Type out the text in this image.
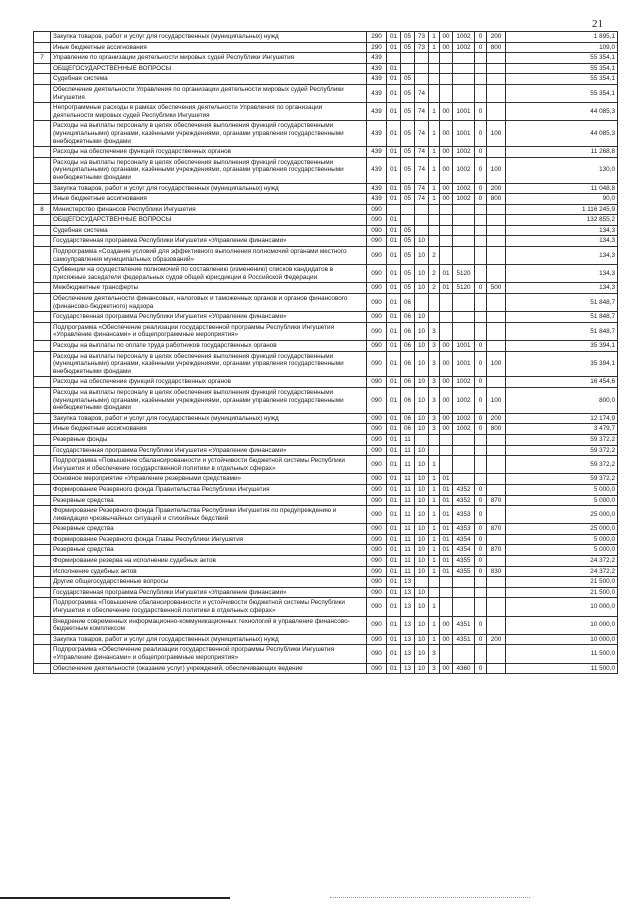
21
	Закупка товаров, работ и услуг для государственных (муниципальных) нужд	290	01	05	73	1	00	1002	0	200	1 895,1
	Иные бюджетные ассигнования	290	01	05	73	1	00	1002	0	800	109,0
7	Управление по организации деятельности мировых судей Республики Ингушетия	439									55 354,1
	ОБЩЕГОСУДАРСТВЕННЫЕ ВОПРОСЫ	439	01								55 354,1
	Судебная система	439	01	05							55 354,1
	Обеспечение деятельности Управления по организации деятельности мировых судей Республики Ингушетия	439	01	05	74						55 354,1
	Непрограммные расходы в рамках обеспечения деятельности Управления по организации деятельности мировых судей Республики Ингушетия	439	01	05	74	1	00	1001	0		44 085,3
	Расходы на выплаты персоналу в целях обеспечения выполнения функций государственными (муниципальными) органами, казёнными учреждениями, органами управления государственными внебюджетными фондами	439	01	05	74	1	00	1001	0	100	44 085,3
	Расходы на обеспечение функций государственных органов	439	01	05	74	1	00	1002	0		11 268,8
	Расходы на выплаты персоналу в целях обеспечения выполнения функций государственными (муниципальными) органами, казёнными учреждениями, органами управления государственными внебюджетными фондами	439	01	05	74	1	00	1002	0	100	130,0
	Закупка товаров, работ и услуг для государственных (муниципальных) нужд	439	01	05	74	1	00	1002	0	200	11 048,8
	Иные бюджетные ассигнования	439	01	05	74	1	00	1002	0	800	90,0
8	Министерство финансов Республики Ингушетия	090									1 116 245,9
	ОБЩЕГОСУДАРСТВЕННЫЕ ВОПРОСЫ	090	01								132 855,2
	Судебная система	090	01	05							134,3
	Государственная программа Республики Ингушетия «Управление финансами»	090	01	05	10						134,3
	Подпрограмма «Создание условий для эффективного выполнения полномочий органами местного самоуправления муниципальных образований»	090	01	05	10	2					134,3
	Субвенции на осуществление полномочий по составлению (изменению) списков кандидатов в присяжные заседатели федеральных судов общей юрисдикции в Российской Федерации	090	01	05	10	2	01	5120			134,3
	Межбюджетные трансферты	090	01	05	10	2	01	5120	0	500	134,3
	Обеспечение деятельности финансовых, налоговых и таможенных органов и органов финансового (финансово-бюджетного) надзора	090	01	06							51 848,7
	Государственная программа Республики Ингушетия «Управление финансами»	090	01	06	10						51 848,7
	Подпрограмма «Обеспечение реализации государственной программы Республики Ингушетия «Управление финансами» и общепрограммные мероприятия»	090	01	06	10	3					51 848,7
	Расходы на выплаты по оплате труда работников государственных органов	090	01	06	10	3	00	1001	0		35 394,1
	Расходы на выплаты персоналу в целях обеспечения выполнения функций государственными (муниципальными) органами, казёнными учреждениями, органами управления государственными внебюджетными фондами	090	01	06	10	3	00	1001	0	100	35 394,1
	Расходы на обеспечение функций государственных органов	090	01	06	10	3	00	1002	0		16 454,6
	Расходы на выплаты персоналу в целях обеспечения выполнения функций государственными (муниципальными) органами, казёнными учреждениями, органами управления государственными внебюджетными фондами	090	01	06	10	3	00	1002	0	100	800,0
	Закупка товаров, работ и услуг для государственных (муниципальных) нужд	090	01	06	10	3	00	1002	0	200	12 174,9
	Иные бюджетные ассигнования	090	01	06	10	3	00	1002	0	800	3 479,7
	Резервные фонды	090	01	11							59 372,2
	Государственная программа Республики Ингушетия «Управление финансами»	090	01	11	10						59 372,2
	Подпрограмма «Повышение сбалансированности и устойчивости бюджетной системы Республики Ингушетия и обеспечение государственной политики в отдельных сферах»	090	01	11	10	1					59 372,2
	Основное мероприятие «Управление резервными средствами»	090	01	11	10	1	01				59 372,2
	Формирование Резервного фонда Правительства Республики Ингушетия	090	01	11	10	1	01	4352	0		5 000,0
	Резервные средства	090	01	11	10	1	01	4352	0	870	5 000,0
	Формирование Резервного фонда Правительства Республики Ингушетия по предупреждению и ликвидации чрезвычайных ситуаций и стихийных бедствий	090	01	11	10	1	01	4353	0		25 000,0
	Резервные средства	090	01	11	10	1	01	4353	0	870	25 000,0
	Формирование Резервного фонда Главы Республики Ингушетия	090	01	11	10	1	01	4354	0		5 000,0
	Резервные средства	090	01	11	10	1	01	4354	0	870	5 000,0
	Формирование резерва на исполнение судебных актов	090	01	11	10	1	01	4355	0		24 372,2
	Исполнение судебных актов	090	01	11	10	1	01	4355	0	830	24 372,2
	Другие общегосударственные вопросы	090	01	13							21 500,0
	Государственная программа Республики Ингушетия «Управление финансами»	090	01	13	10						21 500,0
	Подпрограмма «Повышение сбалансированности и устойчивости бюджетной системы Республики Ингушетия и обеспечение государственной политики в отдельных сферах»	090	01	13	10	1					10 000,0
	Внедрение современных информационно-коммуникационных технологий в управление финансово-бюджетным комплексом	090	01	13	10	1	00	4351	0		10 000,0
	Закупка товаров, работ и услуг для государственных (муниципальных) нужд	090	01	13	10	1	00	4351	0	200	10 000,0
	Подпрограмма «Обеспечение реализации государственной программы Республики Ингушетия «Управление финансами» и общепрограммные мероприятия»	090	01	13	10	3					11 500,0
	Обеспечение деятельности (оказание услуг) учреждений, обеспечивающих ведение	090	01	13	10	3	00	4360	0		11 500,0
